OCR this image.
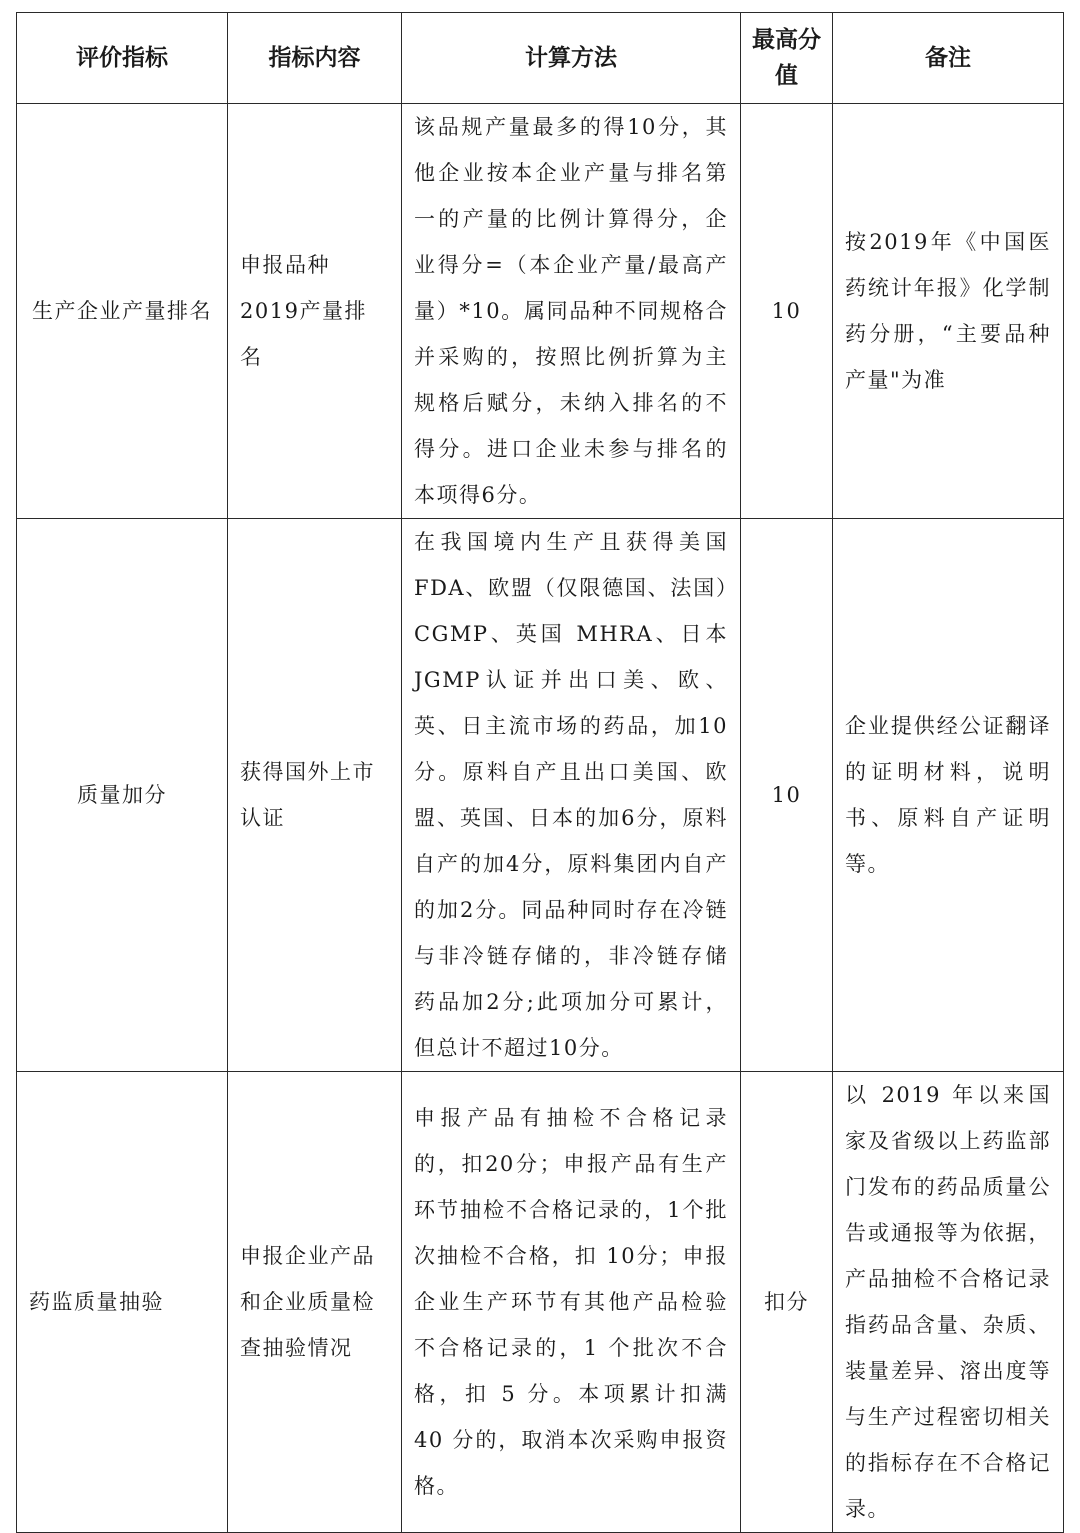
评价指标	指标内容	计算方法	最高分值	备注
生产企业产量排名	申报品种2019产量排名	该品规产量最多的得10分，其他企业按本企业产量与排名第一的产量的比例计算得分，企业得分=（本企业产量/最高产量）*10。属同品种不同规格合并采购的，按照比例折算为主规格后赋分，未纳入排名的不得分。进口企业未参与排名的本项得6分。	10	按2019年《中国医药统计年报》化学制药分册，“主要品种产量"为准
质量加分	获得国外上市认证	在我国境内生产且获得美国FDA、欧盟（仅限德国、法国）CGMP、英国 MHRA、日本JGMP认证并出口美、欧、英、日主流市场的药品，加10分。原料自产且出口美国、欧盟、英国、日本的加6分，原料自产的加4分，原料集团内自产的加2分。同品种同时存在冷链与非冷链存储的，非冷链存储药品加2分;此项加分可累计，但总计不超过10分。	10	企业提供经公证翻译的证明材料，说明书、原料自产证明等。
药监质量抽验	申报企业产品和企业质量检查抽验情况	申报产品有抽检不合格记录的，扣20分；申报产品有生产环节抽检不合格记录的，1个批次抽检不合格，扣 10分；申报企业生产环节有其他产品检验不合格记录的，1 个批次不合格，扣 5 分。本项累计扣满 40 分的，取消本次采购申报资格。	扣分	以 2019 年以来国家及省级以上药监部门发布的药品质量公告或通报等为依据，产品抽检不合格记录指药品含量、杂质、装量差异、溶出度等与生产过程密切相关的指标存在不合格记录。
